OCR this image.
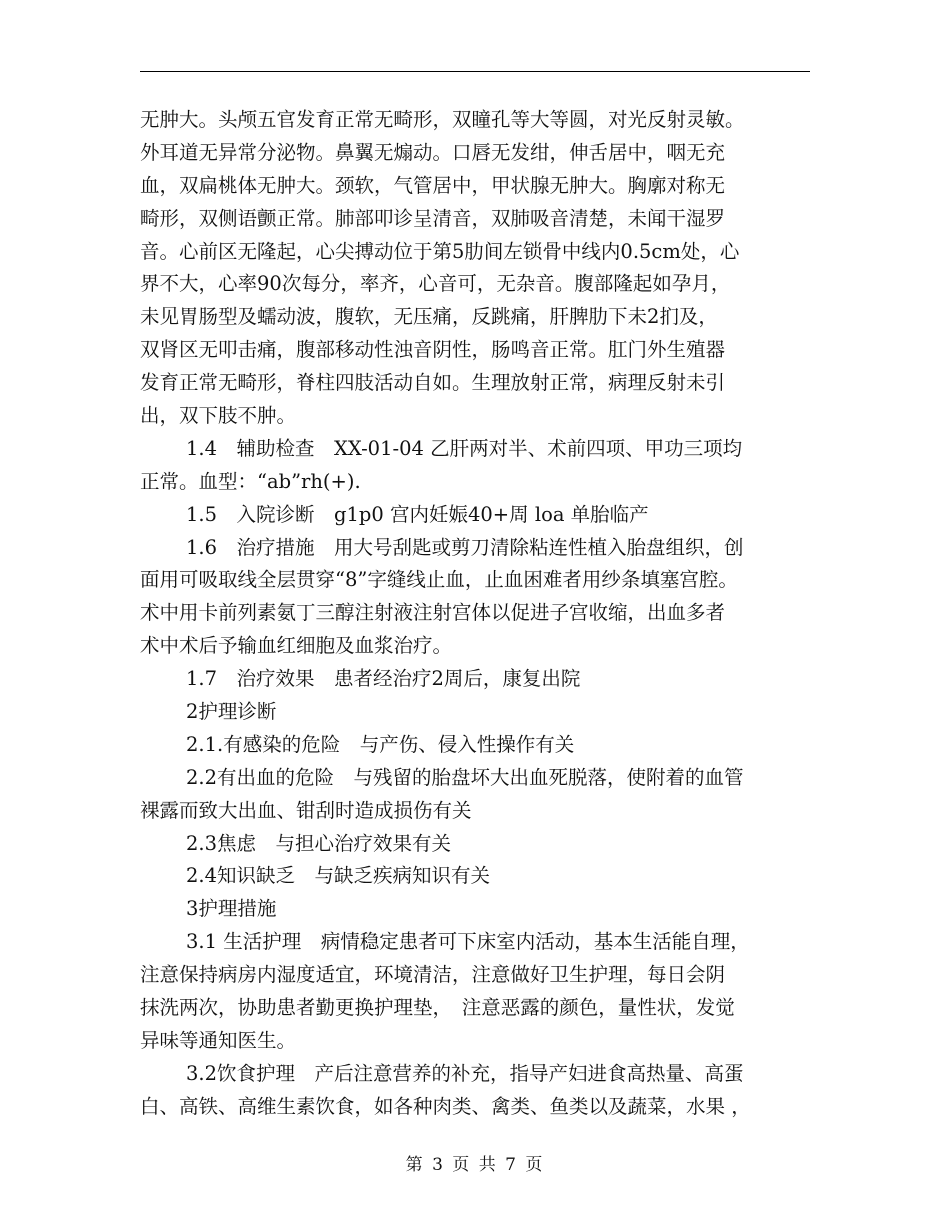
无肿大。头颅五官发育正常无畸形，双瞳孔等大等圆，对光反射灵敏。
外耳道无异常分泌物。鼻翼无煽动。口唇无发绀，伸舌居中，咽无充
血，双扁桃体无肿大。颈软，气管居中，甲状腺无肿大。胸廓对称无
畸形，双侧语颤正常。肺部叩诊呈清音，双肺吸音清楚，未闻干湿罗
音。心前区无隆起，心尖搏动位于第5肋间左锁骨中线内0.5cm处，心
界不大，心率90次每分，率齐，心音可，无杂音。腹部隆起如孕月，
未见胃肠型及蠕动波，腹软，无压痛，反跳痛，肝脾肋下未2扪及，
双肾区无叩击痛，腹部移动性浊音阴性，肠鸣音正常。肛门外生殖器
发育正常无畸形，脊柱四肢活动自如。生理放射正常，病理反射未引
出，双下肢不肿。
1.4　辅助检查　XX-01-04 乙肝两对半、术前四项、甲功三项均
正常。血型：“ab”rh(+).
1.5　入院诊断　g1p0 宫内妊娠40+周 loa 单胎临产
1.6　治疗措施　用大号刮匙或剪刀清除粘连性植入胎盘组织，创
面用可吸取线全层贯穿“8”字缝线止血，止血困难者用纱条填塞宫腔。
术中用卡前列素氨丁三醇注射液注射宫体以促进子宫收缩，出血多者
术中术后予输血红细胞及血浆治疗。
1.7　治疗效果　患者经治疗2周后，康复出院
2护理诊断
2.1.有感染的危险　与产伤、侵入性操作有关
2.2有出血的危险　与残留的胎盘坏大出血死脱落，使附着的血管
裸露而致大出血、钳刮时造成损伤有关
2.3焦虑　与担心治疗效果有关
2.4知识缺乏　与缺乏疾病知识有关
3护理措施
3.1 生活护理　病情稳定患者可下床室内活动，基本生活能自理，
注意保持病房内湿度适宜，环境清洁，注意做好卫生护理，每日会阴
抹洗两次，协助患者勤更换护理垫，　注意恶露的颜色，量性状，发觉
异味等通知医生。
3.2饮食护理　产后注意营养的补充，指导产妇进食高热量、高蛋
白、高铁、高维生素饮食，如各种肉类、禽类、鱼类以及蔬菜，水果 ，
第 3 页 共 7 页
